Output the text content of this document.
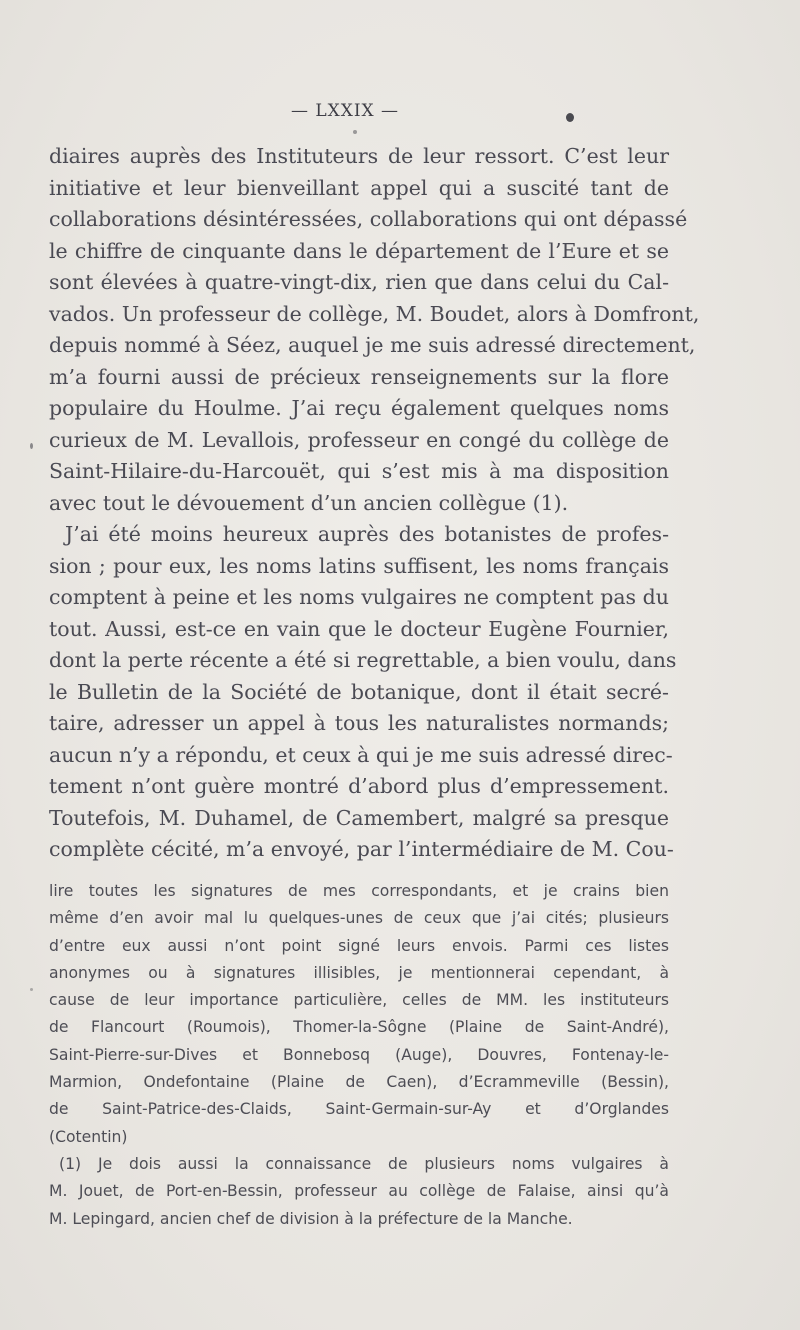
— LXXIX —
diaires auprès des Instituteurs de leur ressort. C’est leur
initiative et leur bienveillant appel qui a suscité tant de
collaborations désintéressées, collaborations qui ont dépassé
le chiffre de cinquante dans le département de l’Eure et se
sont élevées à quatre-vingt-dix, rien que dans celui du Cal-
vados. Un professeur de collège, M. Boudet, alors à Domfront,
depuis nommé à Séez, auquel je me suis adressé directement,
m’a fourni aussi de précieux renseignements sur la flore
populaire du Houlme. J’ai reçu également quelques noms
curieux de M. Levallois, professeur en congé du collège de
Saint-Hilaire-du-Harcouët, qui s’est mis à ma disposition
avec tout le dévouement d’un ancien collègue (1).
J’ai été moins heureux auprès des botanistes de profes-
sion ; pour eux, les noms latins suffisent, les noms français
comptent à peine et les noms vulgaires ne comptent pas du
tout. Aussi, est-ce en vain que le docteur Eugène Fournier,
dont la perte récente a été si regrettable, a bien voulu, dans
le Bulletin de la Société de botanique, dont il était secré-
taire, adresser un appel à tous les naturalistes normands;
aucun n’y a répondu, et ceux à qui je me suis adressé direc-
tement n’ont guère montré d’abord plus d’empressement.
Toutefois, M. Duhamel, de Camembert, malgré sa presque
complète cécité, m’a envoyé, par l’intermédiaire de M. Cou-
lire toutes les signatures de mes correspondants, et je crains bien
même d’en avoir mal lu quelques-unes de ceux que j’ai cités; plusieurs
d’entre eux aussi n’ont point signé leurs envois. Parmi ces listes
anonymes ou à signatures illisibles, je mentionnerai cependant, à
cause de leur importance particulière, celles de MM. les instituteurs
de Flancourt (Roumois), Thomer-la-Sôgne (Plaine de Saint-André),
Saint-Pierre-sur-Dives et Bonnebosq (Auge), Douvres, Fontenay-le-
Marmion, Ondefontaine (Plaine de Caen), d’Ecrammeville (Bessin),
de Saint-Patrice-des-Claids, Saint-Germain-sur-Ay et d’Orglandes
(Cotentin)
(1) Je dois aussi la connaissance de plusieurs noms vulgaires à
M. Jouet, de Port-en-Bessin, professeur au collège de Falaise, ainsi qu’à
M. Lepingard, ancien chef de division à la préfecture de la Manche.
